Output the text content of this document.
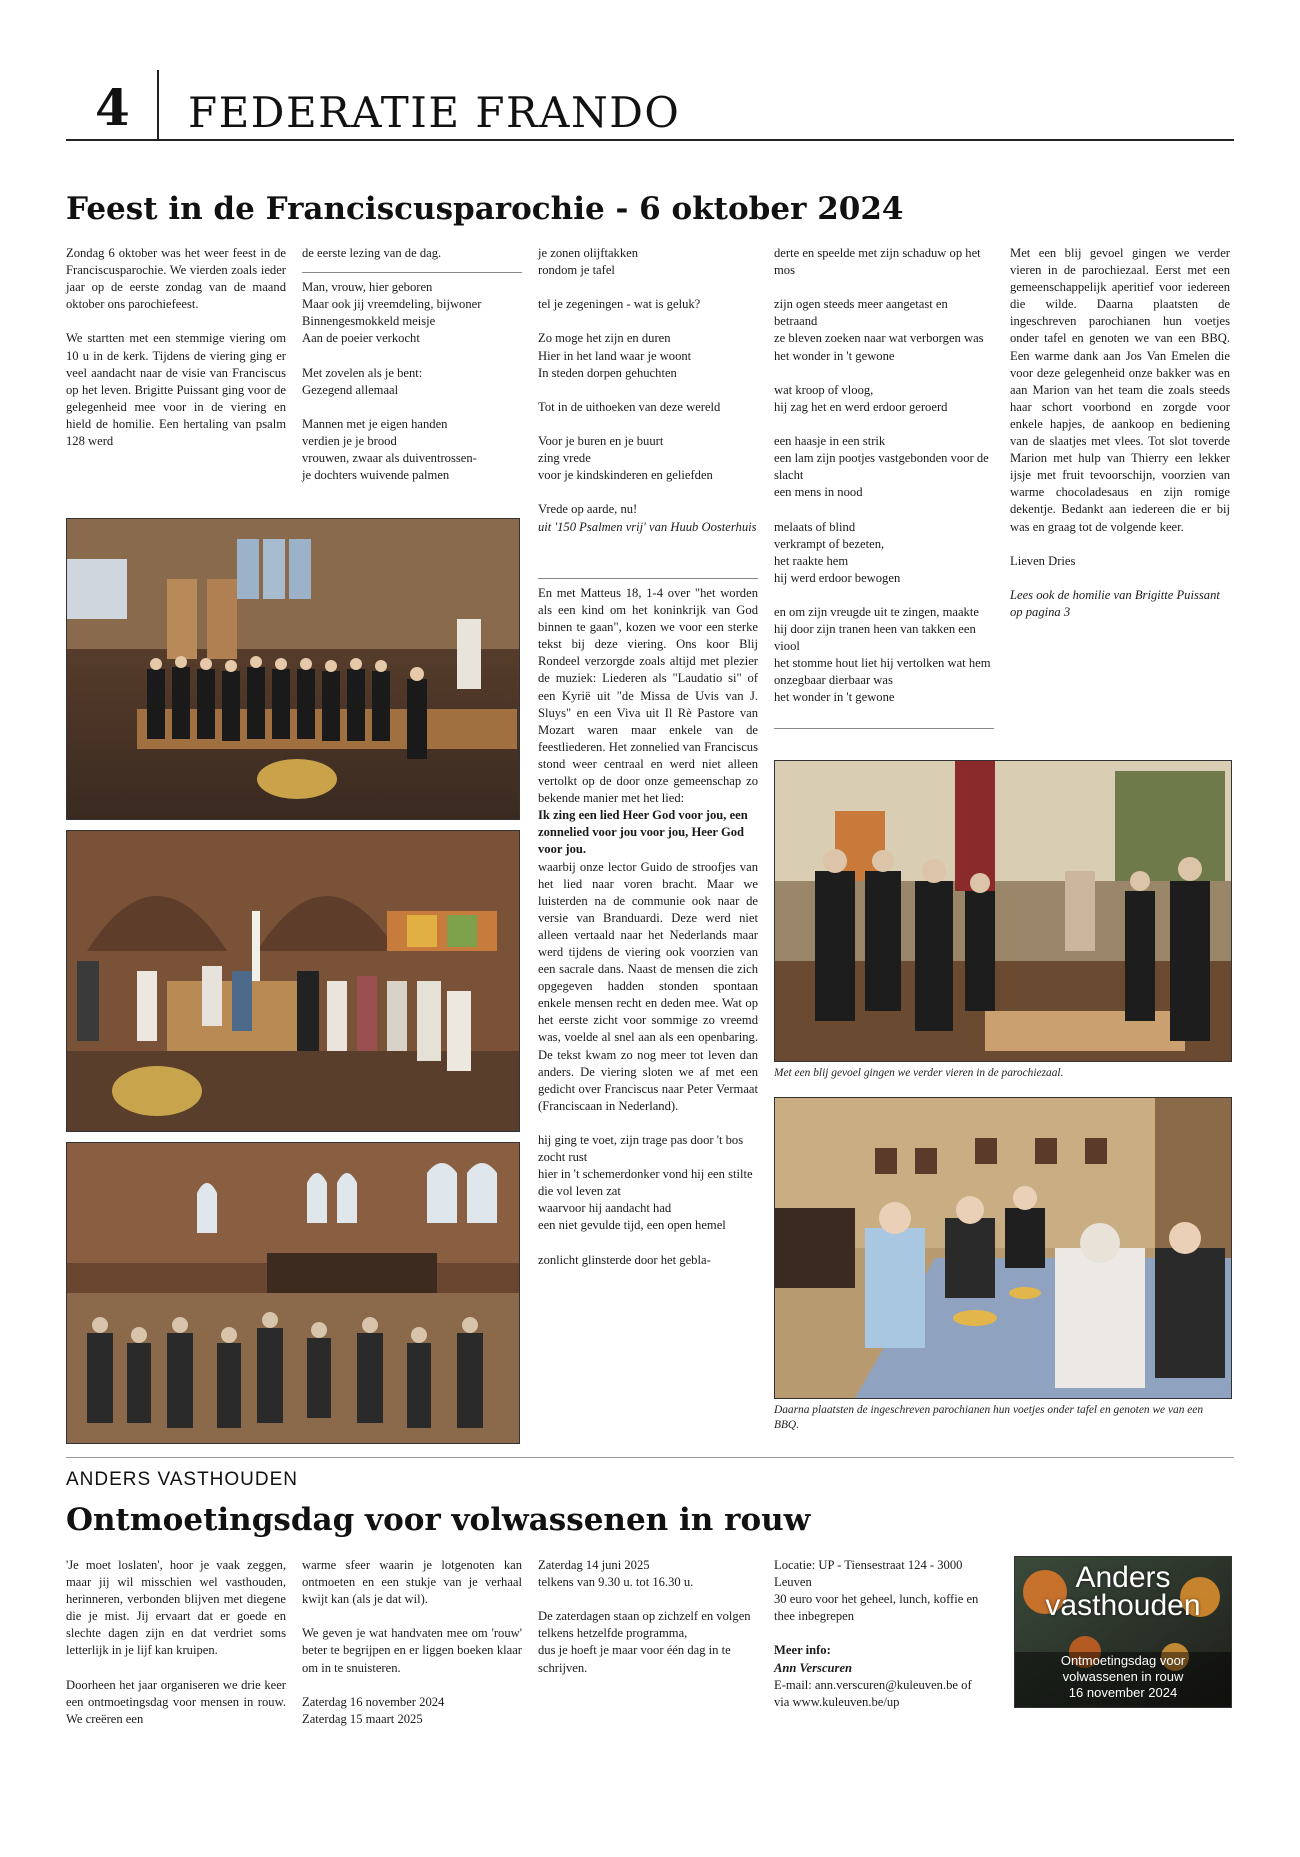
4 FEDERATIE FRANDO
Feest in de Franciscusparochie - 6 oktober 2024

Zondag 6 oktober was het weer feest in de Franciscusparochie. We vierden zoals ieder jaar op de eerste zondag van de maand oktober ons parochiefeest.

We startten met een stemmige viering om 10 u in de kerk. Tijdens de viering ging er veel aandacht naar de visie van Franciscus op het leven. Brigitte Puissant ging voor de gelegenheid mee voor in de viering en hield de homilie. Een hertaling van psalm 128 werd

de eerste lezing van de dag.

Man, vrouw, hier geboren
Maar ook jij vreemdeling, bijwoner
Binnengesmokkeld meisje
Aan de poeier verkocht

Met zovelen als je bent:
Gezegend allemaal

Mannen met je eigen handen
verdien je je brood
vrouwen, zwaar als duiventrossen-
je dochters wuivende palmen

je zonen olijftakken
rondom je tafel

tel je zegeningen - wat is geluk?

Zo moge het zijn en duren
Hier in het land waar je woont
In steden dorpen gehuchten

Tot in de uithoeken van deze wereld

Voor je buren en je buurt
zing vrede
voor je kindskinderen en geliefden

Vrede op aarde, nu!

uit '150 Psalmen vrij' van Huub Oosterhuis

En met Matteus 18, 1-4 over "het worden als een kind om het koninkrijk van God binnen te gaan", kozen we voor een sterke tekst bij deze viering. Ons koor Blij Rondeel verzorgde zoals altijd met plezier de muziek: Liederen als "Laudatio si" of een Kyrië uit "de Missa de Uvis van J. Sluys" en een Viva uit Il Rè Pastore van Mozart waren maar enkele van de feestliederen. Het zonnelied van Franciscus stond weer centraal en werd niet alleen vertolkt op de door onze gemeenschap zo bekende manier met het lied:

Ik zing een lied Heer God voor jou, een zonnelied voor jou voor jou, Heer God voor jou.

waarbij onze lector Guido de stroofjes van het lied naar voren bracht. Maar we luisterden na de communie ook naar de versie van Branduardi. Deze werd niet alleen vertaald naar het Nederlands maar werd tijdens de viering ook voorzien van een sacrale dans. Naast de mensen die zich opgegeven hadden stonden spontaan enkele mensen recht en deden mee. Wat op het eerste zicht voor sommige zo vreemd was, voelde al snel aan als een openbaring. De tekst kwam zo nog meer tot leven dan anders. De viering sloten we af met een gedicht over Franciscus naar Peter Vermaat (Franciscaan in Nederland).

hij ging te voet, zijn trage pas door 't bos zocht rust
hier in 't schemerdonker vond hij een stilte die vol leven zat
waarvoor hij aandacht had
een niet gevulde tijd, een open hemel

zonlicht glinsterde door het gebla-

derte en speelde met zijn schaduw op het mos

zijn ogen steeds meer aangetast en betraand
ze bleven zoeken naar wat verborgen was
het wonder in 't gewone

wat kroop of vloog,
hij zag het en werd erdoor geroerd

een haasje in een strik
een lam zijn pootjes vastgebonden voor de slacht
een mens in nood

melaats of blind
verkrampt of bezeten,
het raakte hem
hij werd erdoor bewogen

en om zijn vreugde uit te zingen, maakte hij door zijn tranen heen van takken een viool
het stomme hout liet hij vertolken wat hem onzegbaar dierbaar was
het wonder in 't gewone

Met een blij gevoel gingen we verder vieren in de parochiezaal. Eerst met een gemeenschappelijk aperitief voor iedereen die wilde. Daarna plaatsten de ingeschreven parochianen hun voetjes onder tafel en genoten we van een BBQ. Een warme dank aan Jos Van Emelen die voor deze gelegenheid onze bakker was en aan Marion van het team die zoals steeds haar schort voorbond en zorgde voor enkele hapjes, de aankoop en bediening van de slaatjes met vlees. Tot slot toverde Marion met hulp van Thierry een lekker ijsje met fruit tevoorschijn, voorzien van warme chocoladesaus en zijn romige dekentje. Bedankt aan iedereen die er bij was en graag tot de volgende keer.

Lieven Dries

Lees ook de homilie van Brigitte Puissant op pagina 3

Met een blij gevoel gingen we verder vieren in de parochiezaal.
Daarna plaatsten de ingeschreven parochianen hun voetjes onder tafel en genoten we van een BBQ.
ANDERS VASTHOUDEN
Ontmoetingsdag voor volwassenen in rouw

'Je moet loslaten', hoor je vaak zeggen, maar jij wil misschien wel vasthouden, herinneren, verbonden blijven met diegene die je mist. Jij ervaart dat er goede en slechte dagen zijn en dat verdriet soms letterlijk in je lijf kan kruipen.

Doorheen het jaar organiseren we drie keer een ontmoetingsdag voor mensen in rouw. We creëren een

warme sfeer waarin je lotgenoten kan ontmoeten en een stukje van je verhaal kwijt kan (als je dat wil).

We geven je wat handvaten mee om 'rouw' beter te begrijpen en er liggen boeken klaar om in te snuisteren.

Zaterdag 16 november 2024
Zaterdag 15 maart 2025

Zaterdag 14 juni 2025
telkens van 9.30 u. tot 16.30 u.

De zaterdagen staan op zichzelf en volgen telkens hetzelfde programma,
dus je hoeft je maar voor één dag in te schrijven.

Locatie: UP - Tiensestraat 124 - 3000 Leuven
30 euro voor het geheel, lunch, koffie en thee inbegrepen

Meer info:

Ann Verscuren

E-mail: ann.verscuren@kuleuven.be of

via www.kuleuven.be/up

Anders
vasthouden
Ontmoetingsdag voor
volwassenen in rouw
16 november 2024
